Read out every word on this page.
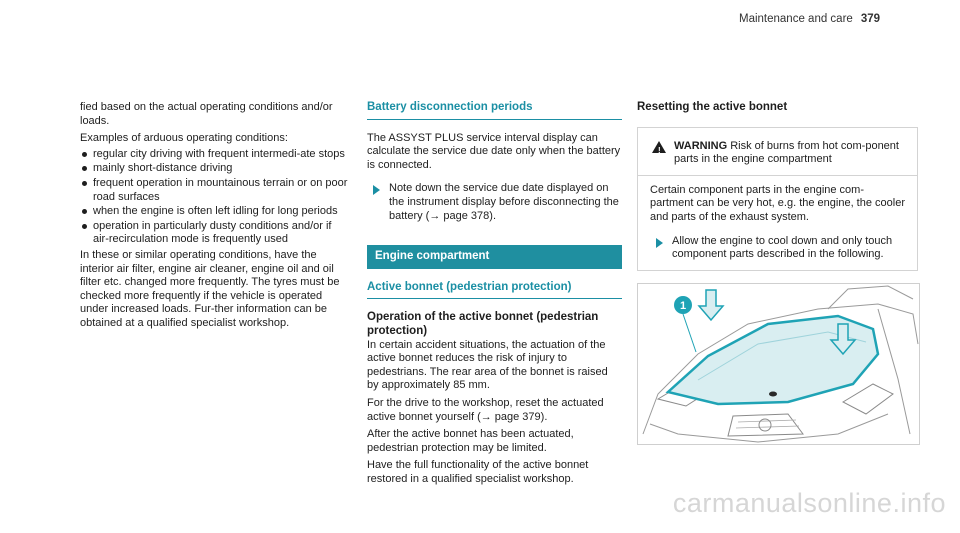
Maintenance and care 379

fied based on the actual operating conditions and/or loads.

Examples of arduous operating conditions:

regular city driving with frequent intermedi-ate stops
mainly short-distance driving
frequent operation in mountainous terrain or on poor road surfaces
when the engine is often left idling for long periods
operation in particularly dusty conditions and/or if air-recirculation mode is frequently used

In these or similar operating conditions, have the interior air filter, engine air cleaner, engine oil and oil filter etc. changed more frequently. The tyres must be checked more frequently if the vehicle is operated under increased loads. Fur-ther information can be obtained at a qualified specialist workshop.

Battery disconnection periods

The ASSYST PLUS service interval display can calculate the service due date only when the battery is connected.

Note down the service due date displayed on the instrument display before disconnecting the battery (→ page 378).
Engine compartment
Active bonnet (pedestrian protection)

Operation of the active bonnet (pedestrian protection)

In certain accident situations, the actuation of the active bonnet reduces the risk of injury to pedestrians. The rear area of the bonnet is raised by approximately 85 mm.

For the drive to the workshop, reset the actuated active bonnet yourself (→ page 379).

After the active bonnet has been actuated, pedestrian protection may be limited.

Have the full functionality of the active bonnet restored in a qualified specialist workshop.

Resetting the active bonnet

! WARNING Risk of burns from hot com-ponent parts in the engine compartment

Certain component parts in the engine com-partment can be very hot, e.g. the engine, the cooler and parts of the exhaust system.

Allow the engine to cool down and only touch component parts described in the following.
1
carmanualsonline.info
